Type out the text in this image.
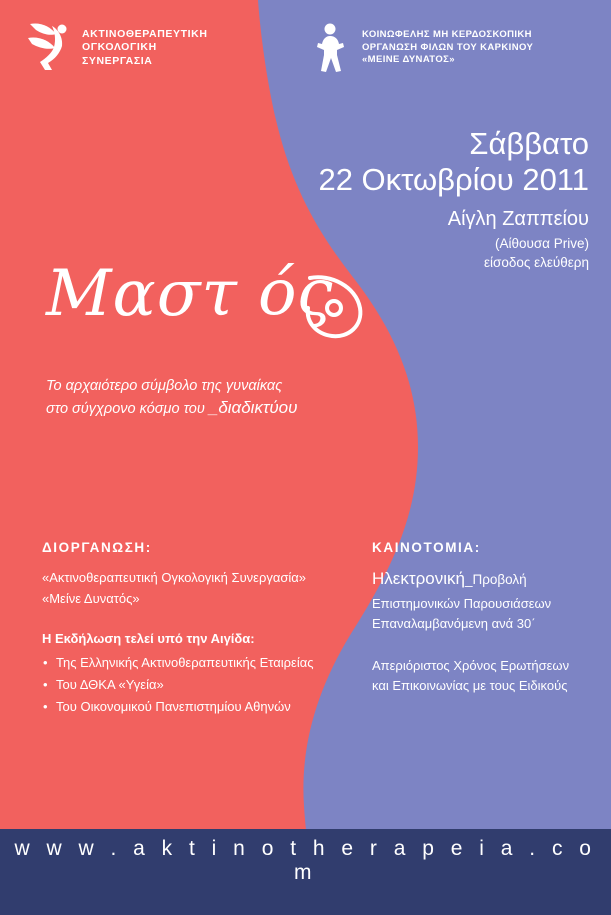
ΑΚΤΙΝΟΘΕΡΑΠΕΥΤΙΚΗ
ΟΓΚΟΛΟΓΙΚΗ
ΣΥΝΕΡΓΑΣΙΑ
ΚΟΙΝΩΦΕΛΗΣ ΜΗ ΚΕΡΔΟΣΚΟΠΙΚΗ
ΟΡΓΑΝΩΣΗ ΦΙΛΩΝ ΤΟΥ ΚΑΡΚΙΝΟΥ
«ΜΕΙΝΕ ΔΥΝΑΤΟΣ»
Σάββατο
22 Οκτωβρίου 2011
Αίγλη Ζαππείου
(Αίθουσα Prive)
είσοδος ελεύθερη
Μαστ ός
Το αρχαιότερο σύμβολο της γυναίκας
στο σύγχρονο κόσμο του _διαδικτύου
ΔΙΟΡΓΑΝΩΣΗ:
«Ακτινοθεραπευτική Ογκολογική Συνεργασία»
«Μείνε Δυνατός»
Η Εκδήλωση τελεί υπό την Αιγίδα:
• Της Ελληνικής Ακτινοθεραπευτικής Εταιρείας
• Του ΔΘΚΑ «Υγεία»
• Του Οικονομικού Πανεπιστημίου Αθηνών
ΚΑΙΝΟΤΟΜΙΑ:
Ηλεκτρονική_Προβολή
Επιστημονικών Παρουσιάσεων
Επαναλαμβανόμενη ανά 30΄
Απεριόριστος Χρόνος Ερωτήσεων
και Επικοινωνίας με τους Ειδικούς
w w w . a k t i n o t h e r a p e i a . c o m
